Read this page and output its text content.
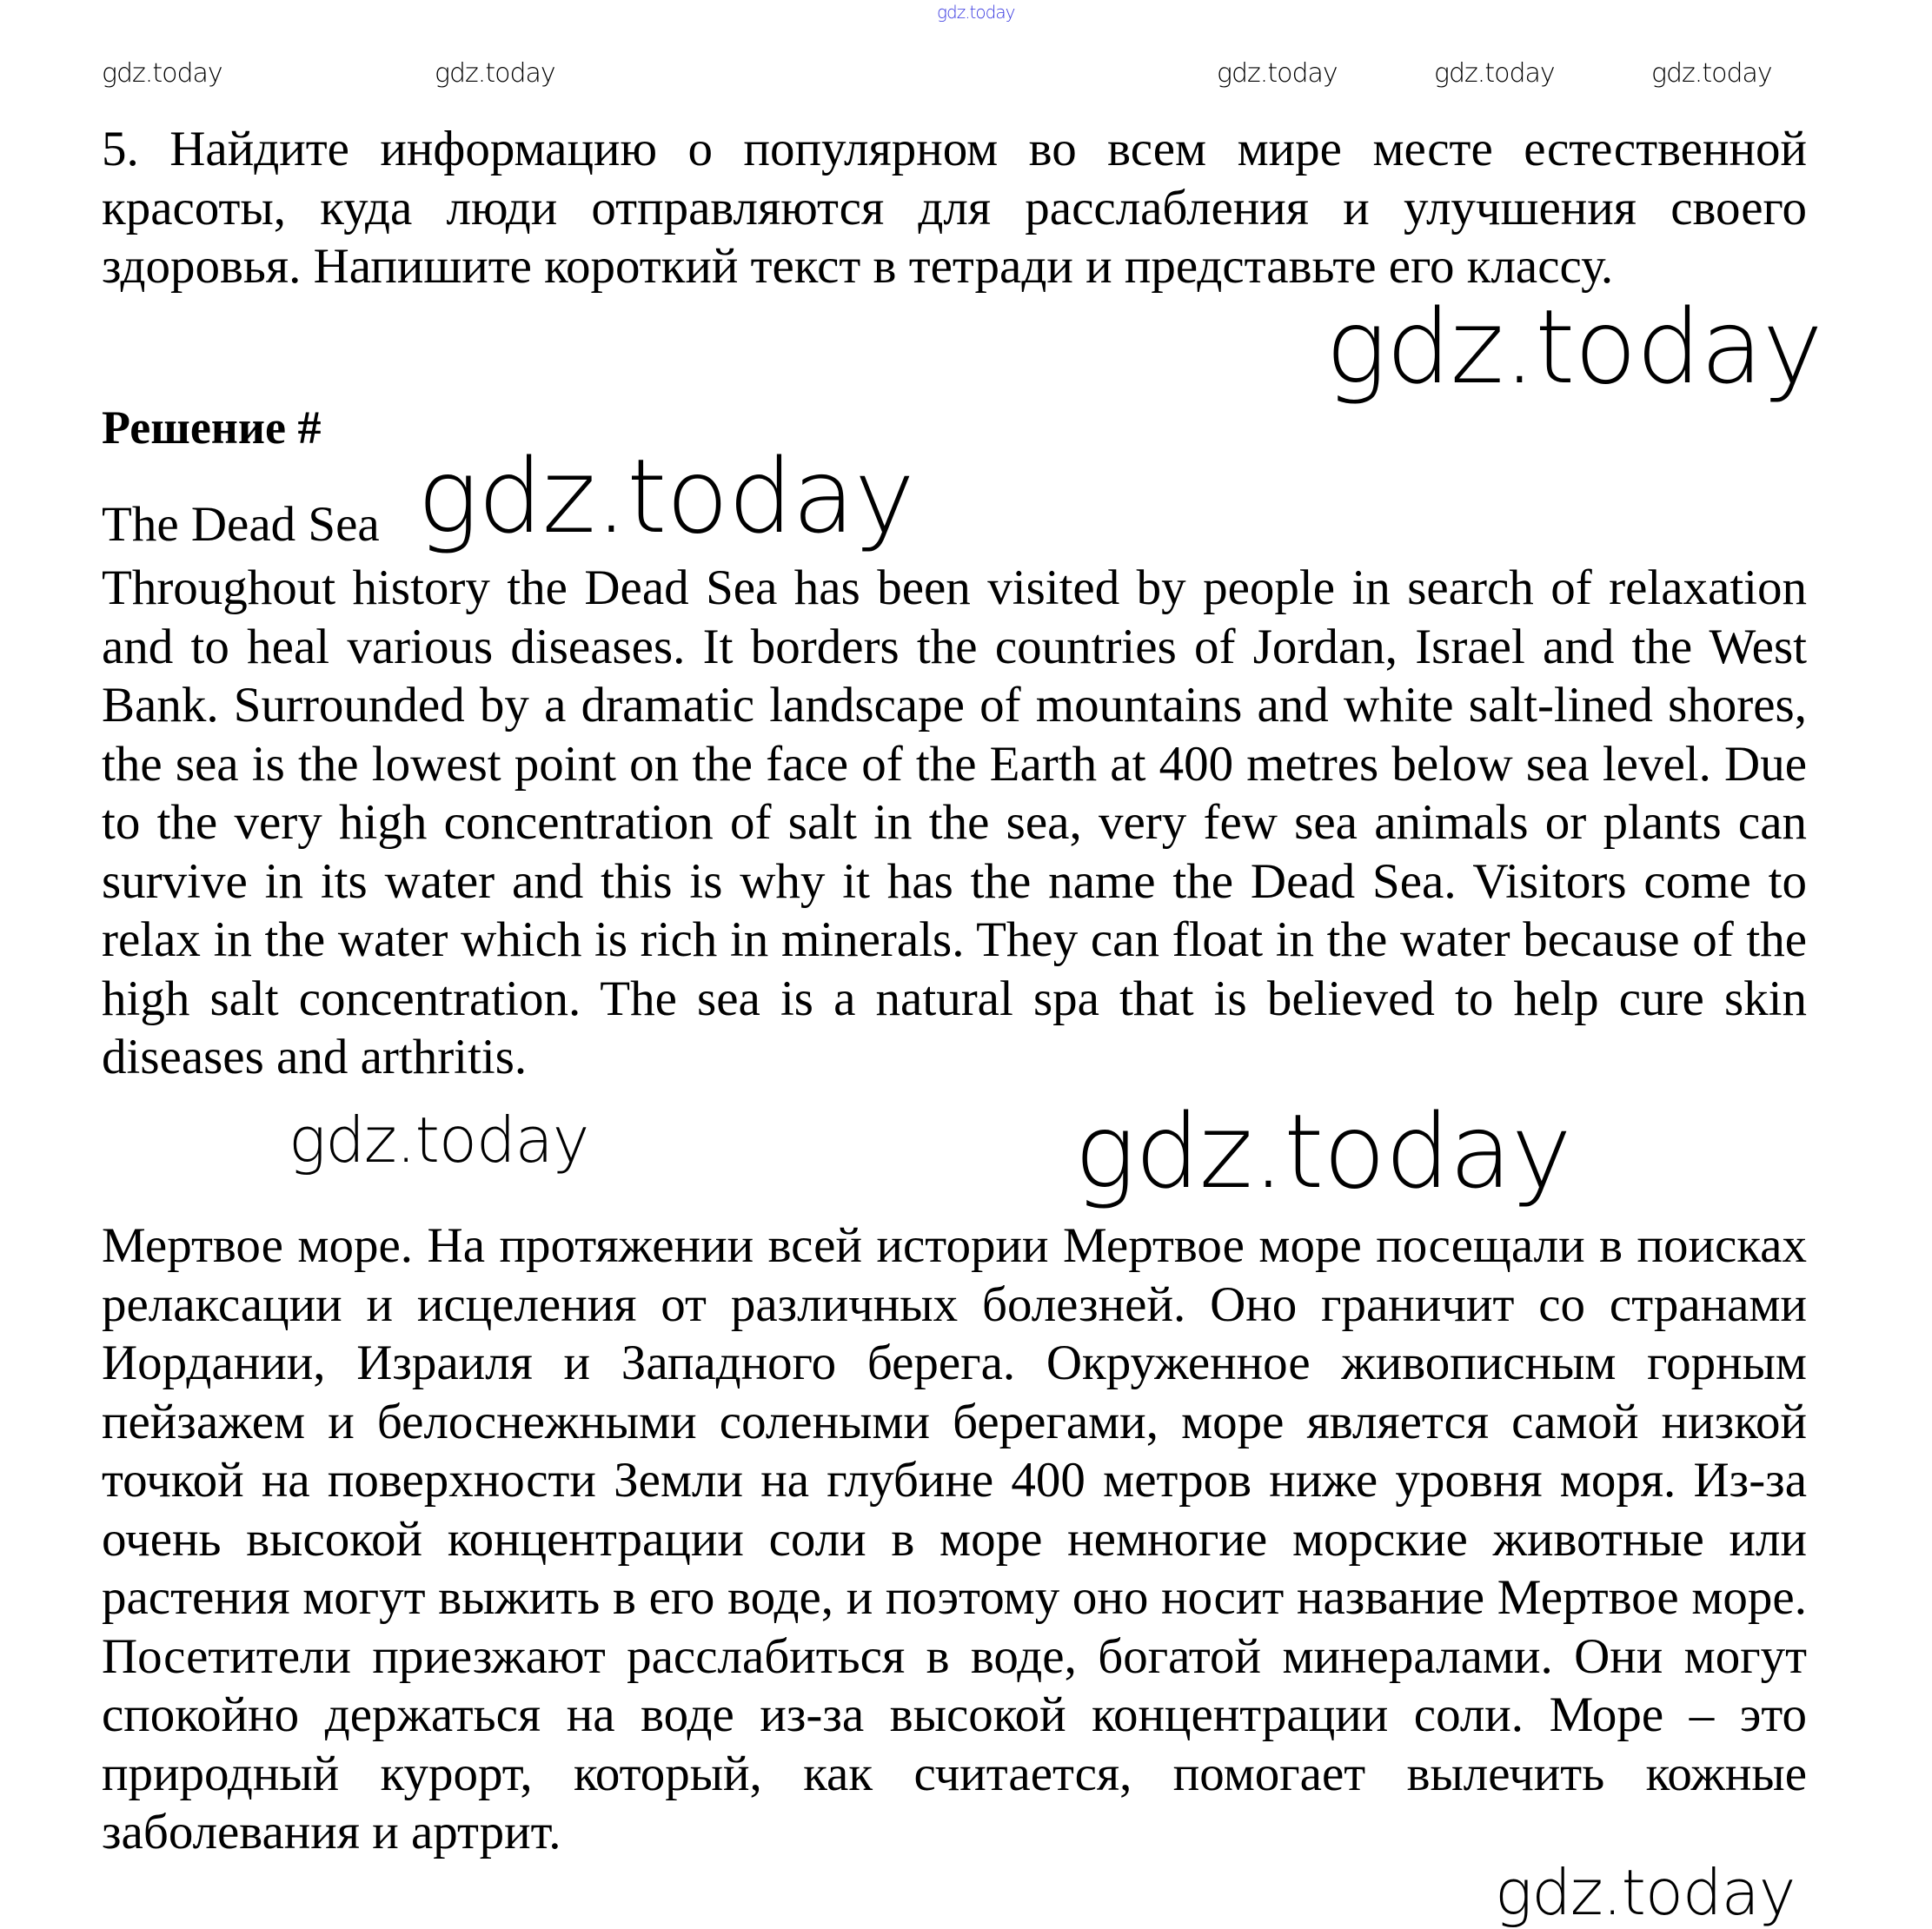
gdz.today
gdz.today	gdz.today	gdz.today	gdz.today	gdz.today

5. Найдите информацию о популярном во всем мире месте естественной красоты, куда люди отправляются для расслабления и улучшения своего здоровья. Напишите короткий текст в тетради и представьте его классу.

gdz.today
Решение #
The Dead Sea gdz.today

Throughout history the Dead Sea has been visited by people in search of relaxation and to heal various diseases. It borders the countries of Jordan, Israel and the West Bank. Surrounded by a dramatic landscape of mountains and white salt-lined shores, the sea is the lowest point on the face of the Earth at 400 metres below sea level. Due to the very high concentration of salt in the sea, very few sea animals or plants can survive in its water and this is why it has the name the Dead Sea. Visitors come to relax in the water which is rich in minerals. They can float in the water because of the high salt concentration. The sea is a natural spa that is believed to help cure skin diseases and arthritis.

gdz.today
gdz.today

Мертвое море. На протяжении всей истории Мертвое море посещали в поисках релаксации и исцеления от различных болезней. Оно граничит со странами Иордании, Израиля и Западного берега. Окруженное живописным горным пейзажем и белоснежными солеными берегами, море является самой низкой точкой на поверхности Земли на глубине 400 метров ниже уровня моря. Из-за очень высокой концентрации соли в море немногие морские животные или растения могут выжить в его воде, и поэтому оно носит название Мертвое море. Посетители приезжают расслабиться в воде, богатой минералами. Они могут спокойно держаться на воде из-за высокой концентрации соли. Море – это природный курорт, который, как считается, помогает вылечить кожные заболевания и артрит.

gdz.today
